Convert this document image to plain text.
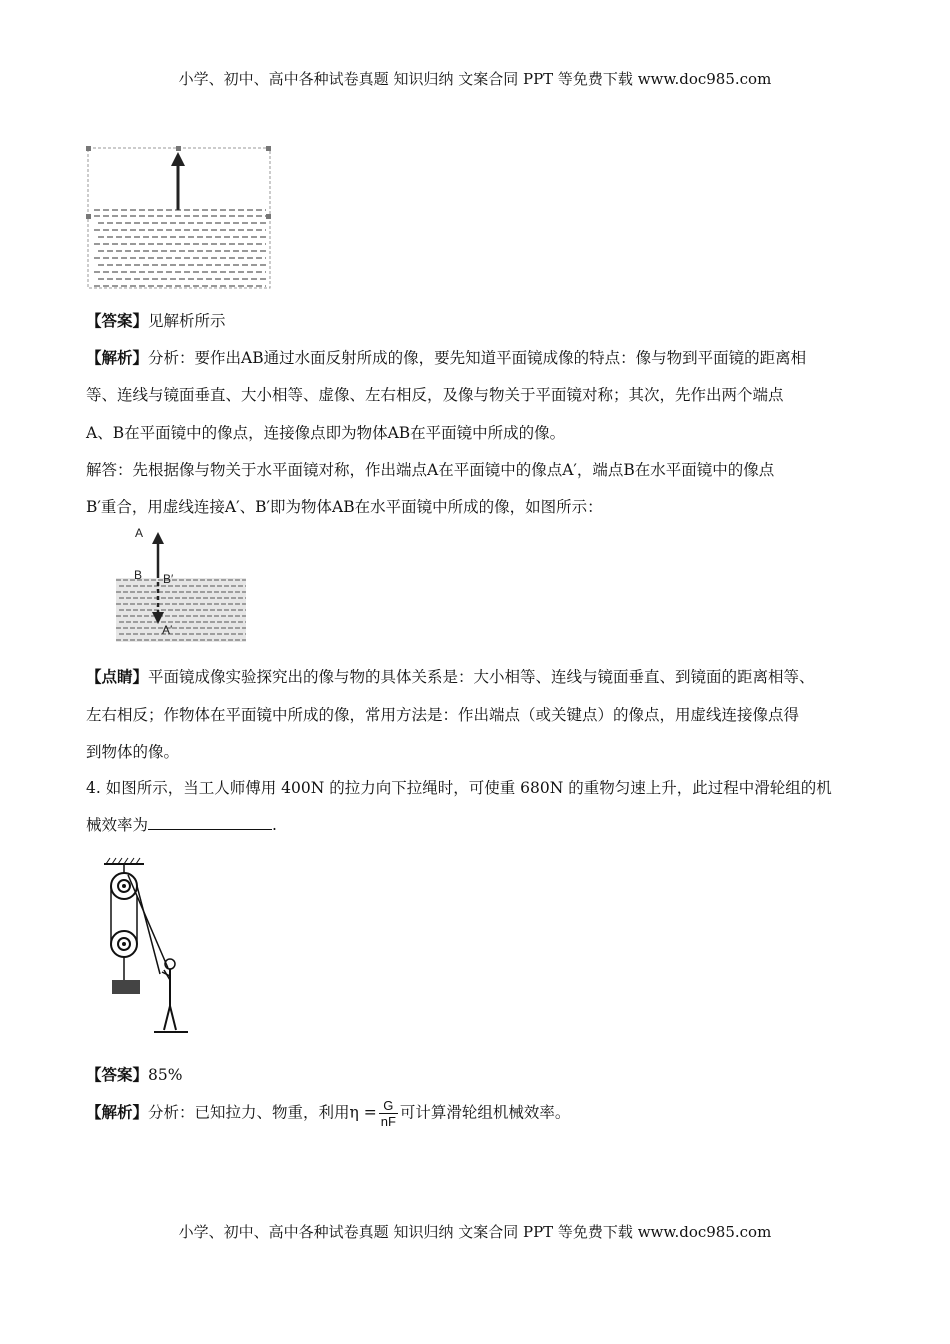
小学、初中、高中各种试卷真题 知识归纳 文案合同 PPT 等免费下载 www.doc985.com
【答案】见解析所示
【解析】分析：要作出AB通过水面反射所成的像，要先知道平面镜成像的特点：像与物到平面镜的距离相
等、连线与镜面垂直、大小相等、虚像、左右相反，及像与物关于平面镜对称；其次，先作出两个端点
A、B在平面镜中的像点，连接像点即为物体AB在平面镜中所成的像。
解答：先根据像与物关于水平面镜对称，作出端点A在平面镜中的像点A′，端点B在水平面镜中的像点
B′重合，用虚线连接A′、B′即为物体AB在水平面镜中所成的像，如图所示：
A
B B′
A′
【点睛】平面镜成像实验探究出的像与物的具体关系是：大小相等、连线与镜面垂直、到镜面的距离相等、
左右相反；作物体在平面镜中所成的像，常用方法是：作出端点（或关键点）的像点，用虚线连接像点得
到物体的像。
4. 如图所示，当工人师傅用 400N 的拉力向下拉绳时，可使重 680N 的重物匀速上升，此过程中滑轮组的机
械效率为	.
【答案】85%
【解析】分析：已知拉力、物重，利用$\eta = \frac{G}{nF}$ 可计算滑轮组机械效率。
小学、初中、高中各种试卷真题 知识归纳 文案合同 PPT 等免费下载 www.doc985.com
